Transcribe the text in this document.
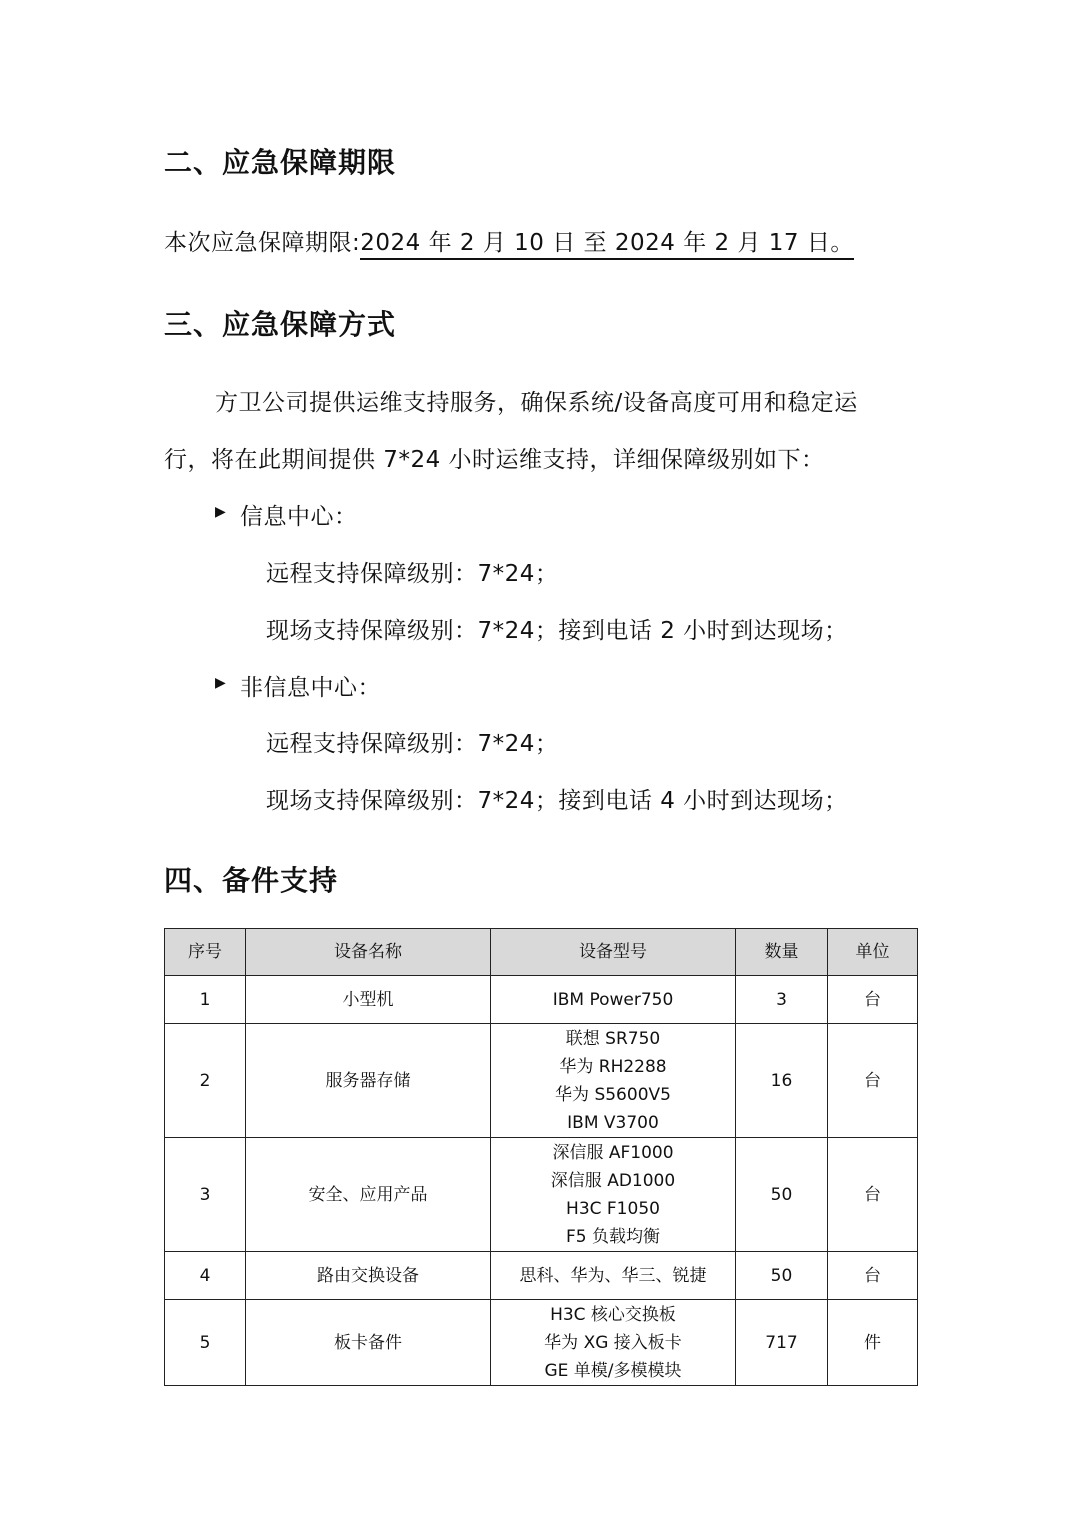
二、应急保障期限
本次应急保障期限:2024 年 2 月 10 日 至 2024 年 2 月 17 日。
三、应急保障方式
方卫公司提供运维支持服务，确保系统/设备高度可用和稳定运
行，将在此期间提供 7*24 小时运维支持，详细保障级别如下：
▶ 信息中心：
远程支持保障级别：7*24；
现场支持保障级别：7*24；接到电话 2 小时到达现场；
▶ 非信息中心：
远程支持保障级别：7*24；
现场支持保障级别：7*24；接到电话 4 小时到达现场；
四、备件支持
序号	设备名称	设备型号	数量	单位
1	小型机	IBM Power750	3	台
2	服务器存储	联想 SR750
华为 RH2288
华为 S5600V5
IBM V3700	16	台
3	安全、应用产品	深信服 AF1000
深信服 AD1000
H3C F1050
F5 负载均衡	50	台
4	路由交换设备	思科、华为、华三、锐捷	50	台
5	板卡备件	H3C 核心交换板
华为 XG 接入板卡
GE 单模/多模模块	717	件
